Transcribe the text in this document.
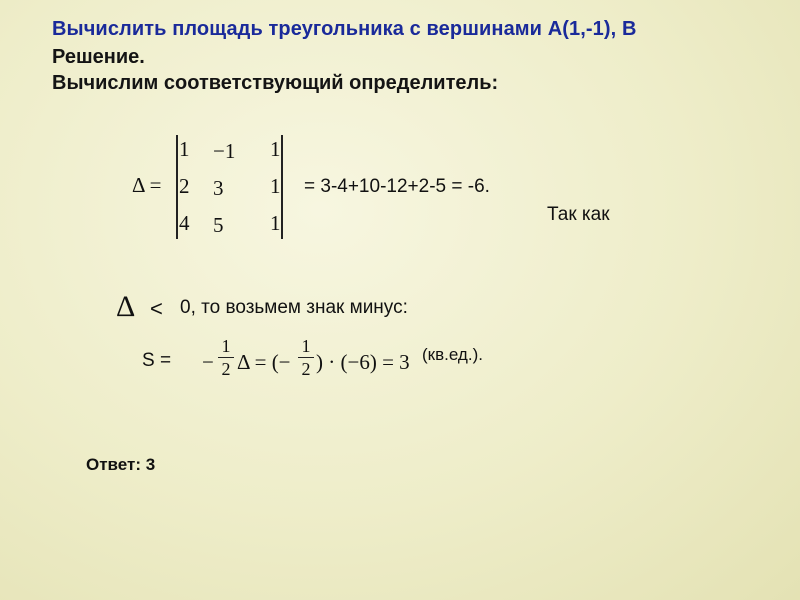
Вычислить площадь треугольника с вершинами A(1,-1), В
Решение.
Вычислим соответствующий определитель:
Δ =
1 −1 1
2 3 1
4 5 1
= 3-4+10-12+2-5 = -6.
Так как
Δ < 0, то возьмем знак минус:
S = −
1
2 Δ = (−
1
2 ) · (−6) = 3 (кв.ед.).
Ответ: 3
